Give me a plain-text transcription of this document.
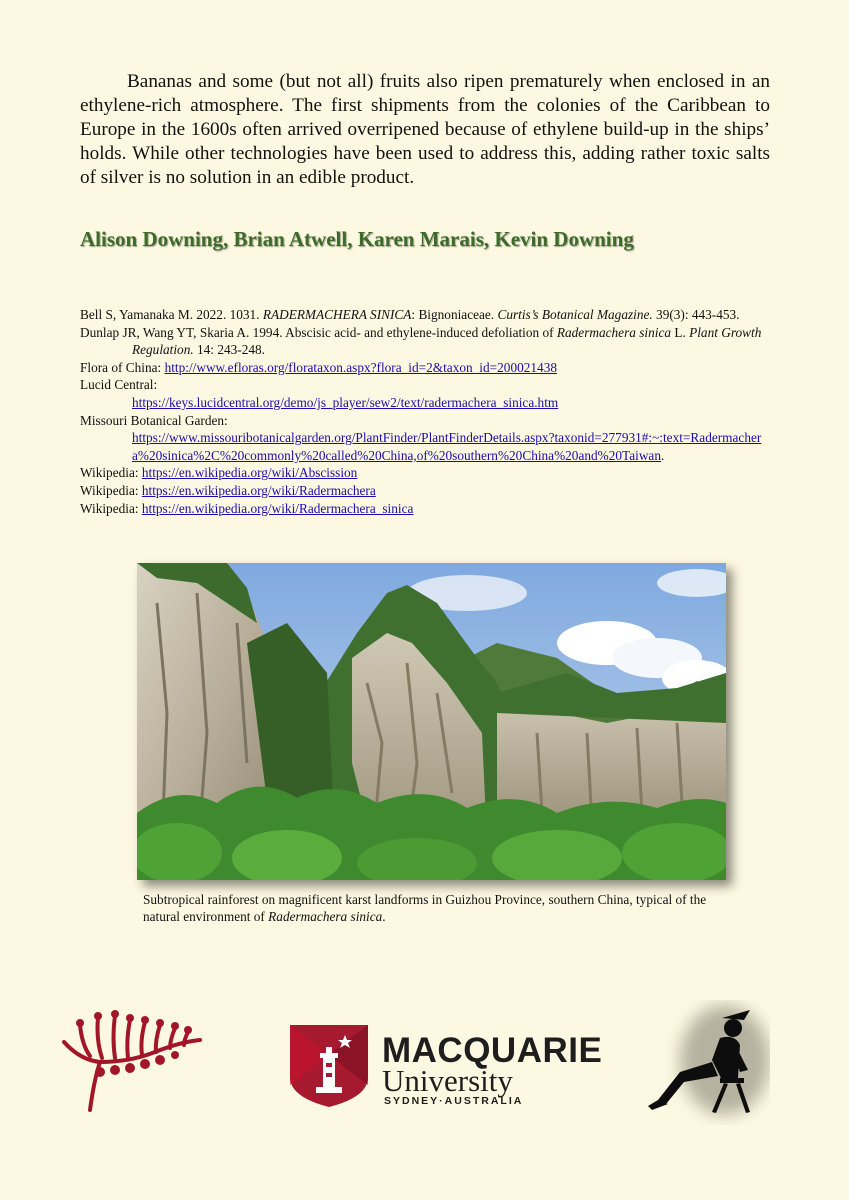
Bananas and some (but not all) fruits also ripen prematurely when enclosed in an ethylene-rich atmosphere. The first shipments from the colonies of the Caribbean to Europe in the 1600s often arrived overripened because of ethylene build-up in the ships’ holds. While other technologies have been used to address this, adding rather toxic salts of silver is no solution in an edible product.

Alison Downing, Brian Atwell, Karen Marais, Kevin Downing

Bell S, Yamanaka M. 2022. 1031. RADERMACHERA SINICA: Bignoniaceae. Curtis’s Botanical Magazine. 39(3): 443-453.

Dunlap JR, Wang YT, Skaria A. 1994. Abscisic acid- and ethylene-induced defoliation of Radermachera sinica L. Plant Growth Regulation. 14: 243-248.

Flora of China: http://www.efloras.org/florataxon.aspx?flora_id=2&taxon_id=200021438

Lucid Central:

https://keys.lucidcentral.org/demo/js_player/sew2/text/radermachera_sinica.htm

Missouri Botanical Garden:

https://www.missouribotanicalgarden.org/PlantFinder/PlantFinderDetails.aspx?taxonid=277931#:~:text=Radermachera%20sinica%2C%20commonly%20called%20China,of%20southern%20China%20and%20Taiwan.

Wikipedia: https://en.wikipedia.org/wiki/Abscission

Wikipedia: https://en.wikipedia.org/wiki/Radermachera

Wikipedia: https://en.wikipedia.org/wiki/Radermachera_sinica

Subtropical rainforest on magnificent karst landforms in Guizhou Province, southern China, typical of the natural environment of Radermachera sinica.

MACQUARIE
University
SYDNEY·AUSTRALIA
